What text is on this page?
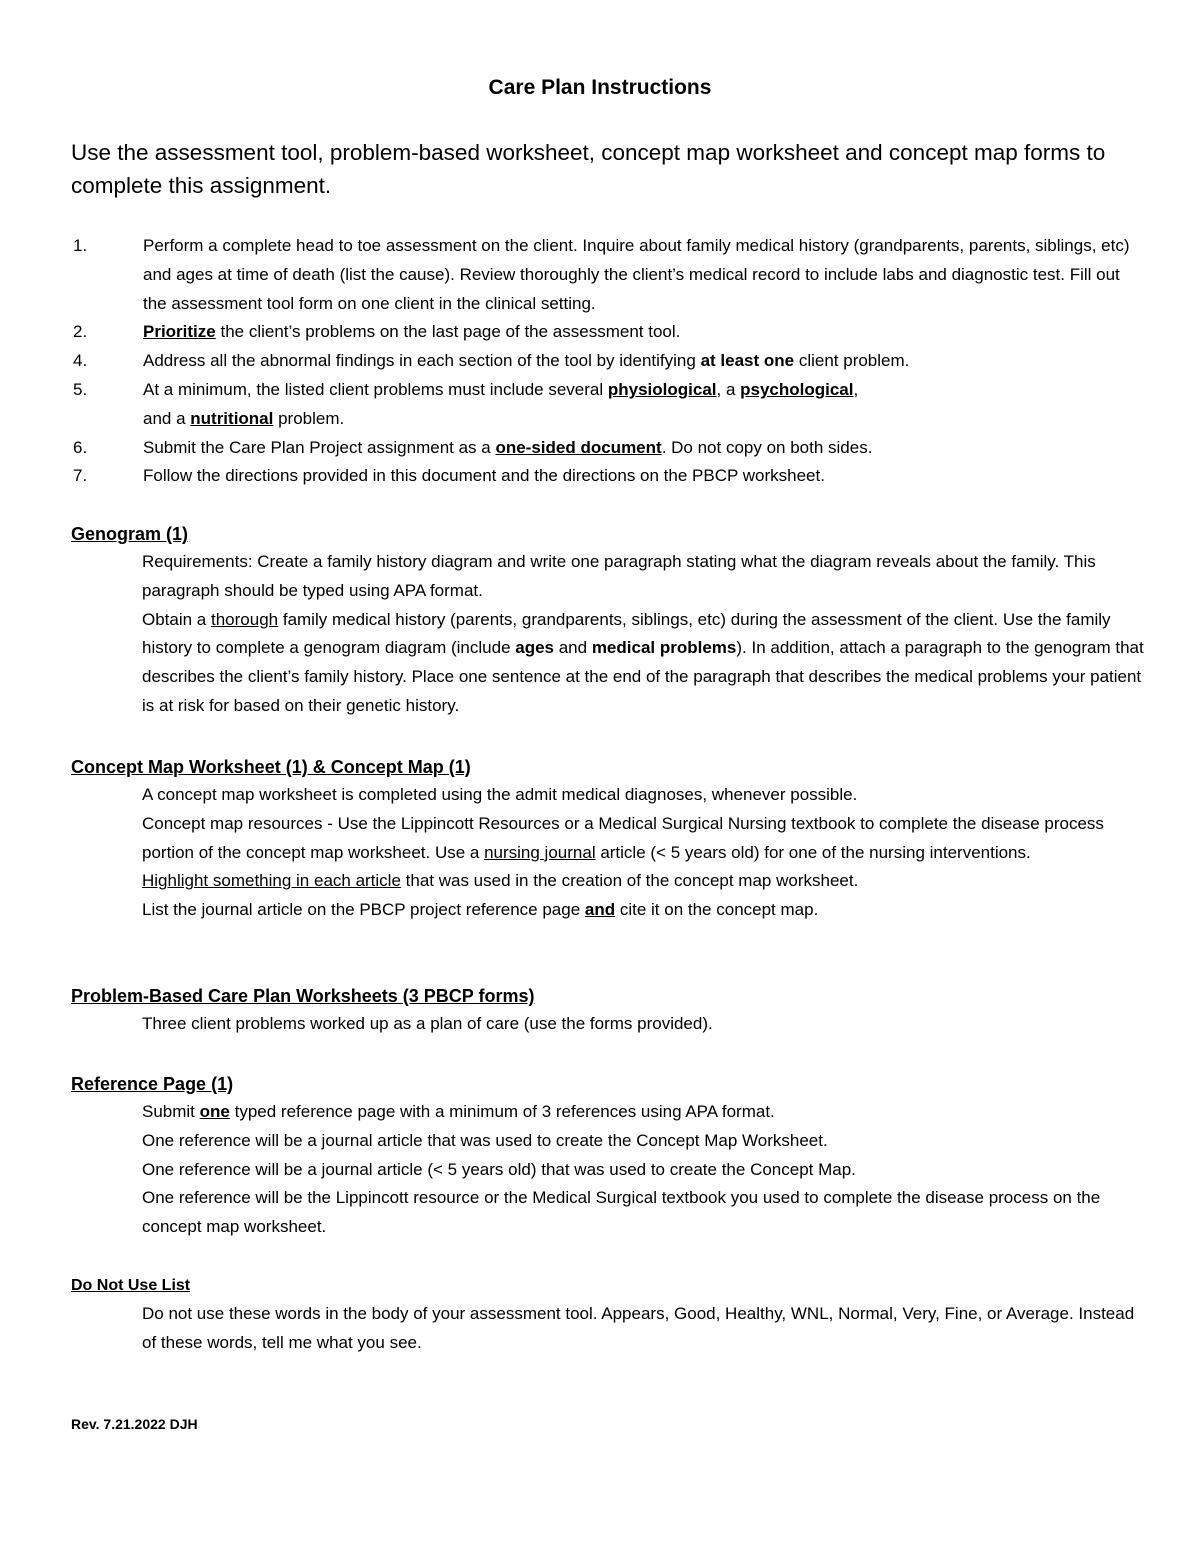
Care Plan Instructions
Use the assessment tool, problem-based worksheet, concept map worksheet and concept map forms to complete this assignment.
1.	Perform a complete head to toe assessment on the client. Inquire about family medical history (grandparents, parents, siblings, etc) and ages at time of death (list the cause). Review thoroughly the client’s medical record to include labs and diagnostic test. Fill out the assessment tool form on one client in the clinical setting.
2.	Prioritize the client’s problems on the last page of the assessment tool.
4.	Address all the abnormal findings in each section of the tool by identifying at least one client problem.
5.	At a minimum, the listed client problems must include several physiological, a psychological,
and a nutritional problem.
6.	Submit the Care Plan Project assignment as a one-sided document. Do not copy on both sides.
7.	Follow the directions provided in this document and the directions on the PBCP worksheet.
Genogram (1)

Requirements: Create a family history diagram and write one paragraph stating what the diagram reveals about the family. This paragraph should be typed using APA format.

Obtain a thorough family medical history (parents, grandparents, siblings, etc) during the assessment of the client. Use the family history to complete a genogram diagram (include ages and medical problems). In addition, attach a paragraph to the genogram that describes the client’s family history. Place one sentence at the end of the paragraph that describes the medical problems your patient is at risk for based on their genetic history.

Concept Map Worksheet (1) & Concept Map (1)

A concept map worksheet is completed using the admit medical diagnoses, whenever possible.

Concept map resources - Use the Lippincott Resources or a Medical Surgical Nursing textbook to complete the disease process portion of the concept map worksheet. Use a nursing journal article (< 5 years old) for one of the nursing interventions.

Highlight something in each article that was used in the creation of the concept map worksheet.

List the journal article on the PBCP project reference page and cite it on the concept map.

Problem-Based Care Plan Worksheets (3 PBCP forms)

Three client problems worked up as a plan of care (use the forms provided).

Reference Page (1)

Submit one typed reference page with a minimum of 3 references using APA format.

One reference will be a journal article that was used to create the Concept Map Worksheet.

One reference will be a journal article (< 5 years old) that was used to create the Concept Map.

One reference will be the Lippincott resource or the Medical Surgical textbook you used to complete the disease process on the concept map worksheet.

Do Not Use List

Do not use these words in the body of your assessment tool. Appears, Good, Healthy, WNL, Normal, Very, Fine, or Average. Instead of these words, tell me what you see.

Rev. 7.21.2022 DJH
